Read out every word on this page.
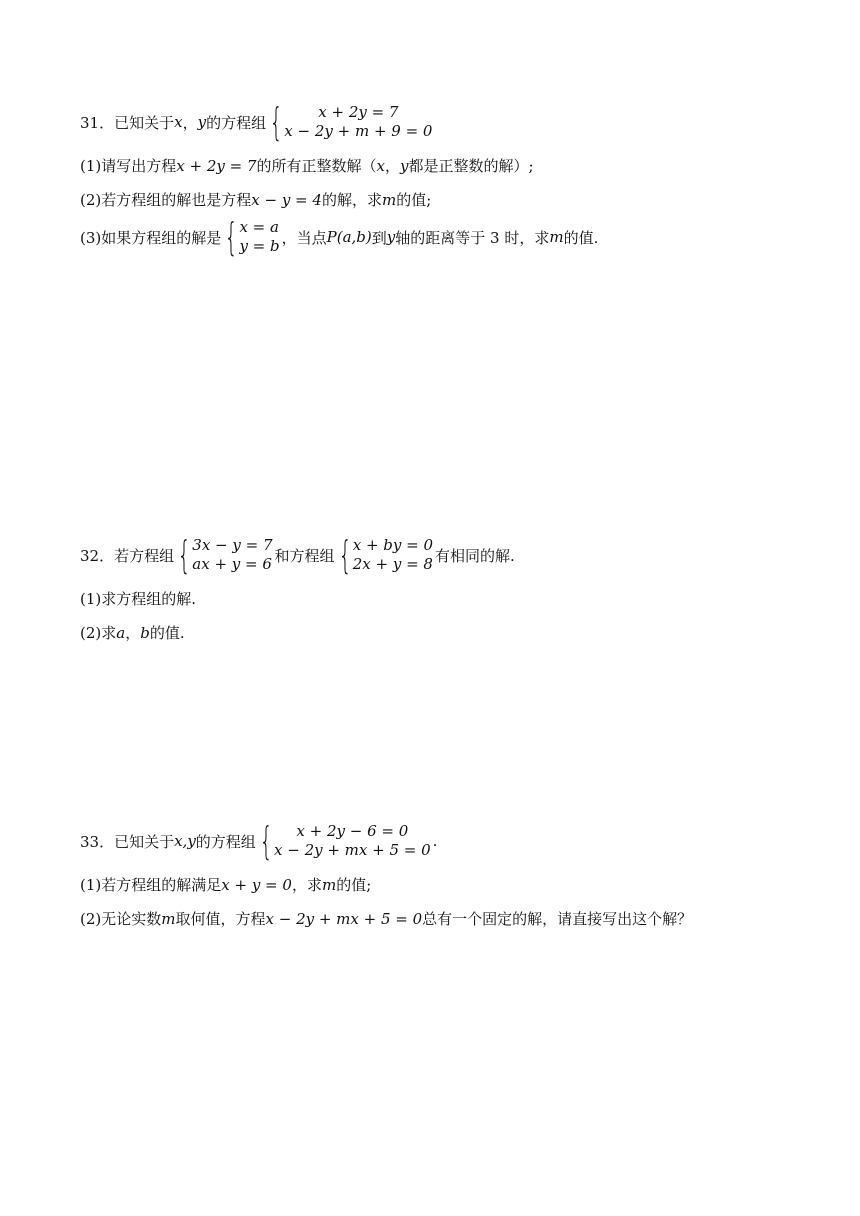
31．已知关于 x ， y 的方程组 {	x + 2y = 7
x − 2y + m + 9 = 0
(1)请写出方程 x + 2y = 7 的所有正整数解（ x ， y 都是正整数的解）;
(2)若方程组的解也是方程 x − y = 4 的解，求 m 的值;
(3)如果方程组的解是 { x = a
y = b ，当点 P(a,b) 到 y 轴的距离等于 3 时，求 m 的值.
32．若方程组 { 3x − y = 7
ax + y = 6 和方程组 { x + by = 0
2x + y = 8 有相同的解.
(1)求方程组的解.
(2)求 a ， b 的值.
33．已知关于 x,y 的方程组 {	x + 2y − 6 = 0
x − 2y + mx + 5 = 0 .
(1)若方程组的解满足 x + y = 0 ，求 m 的值;
(2)无论实数 m 取何值，方程 x − 2y + mx + 5 = 0 总有一个固定的解，请直接写出这个解？
